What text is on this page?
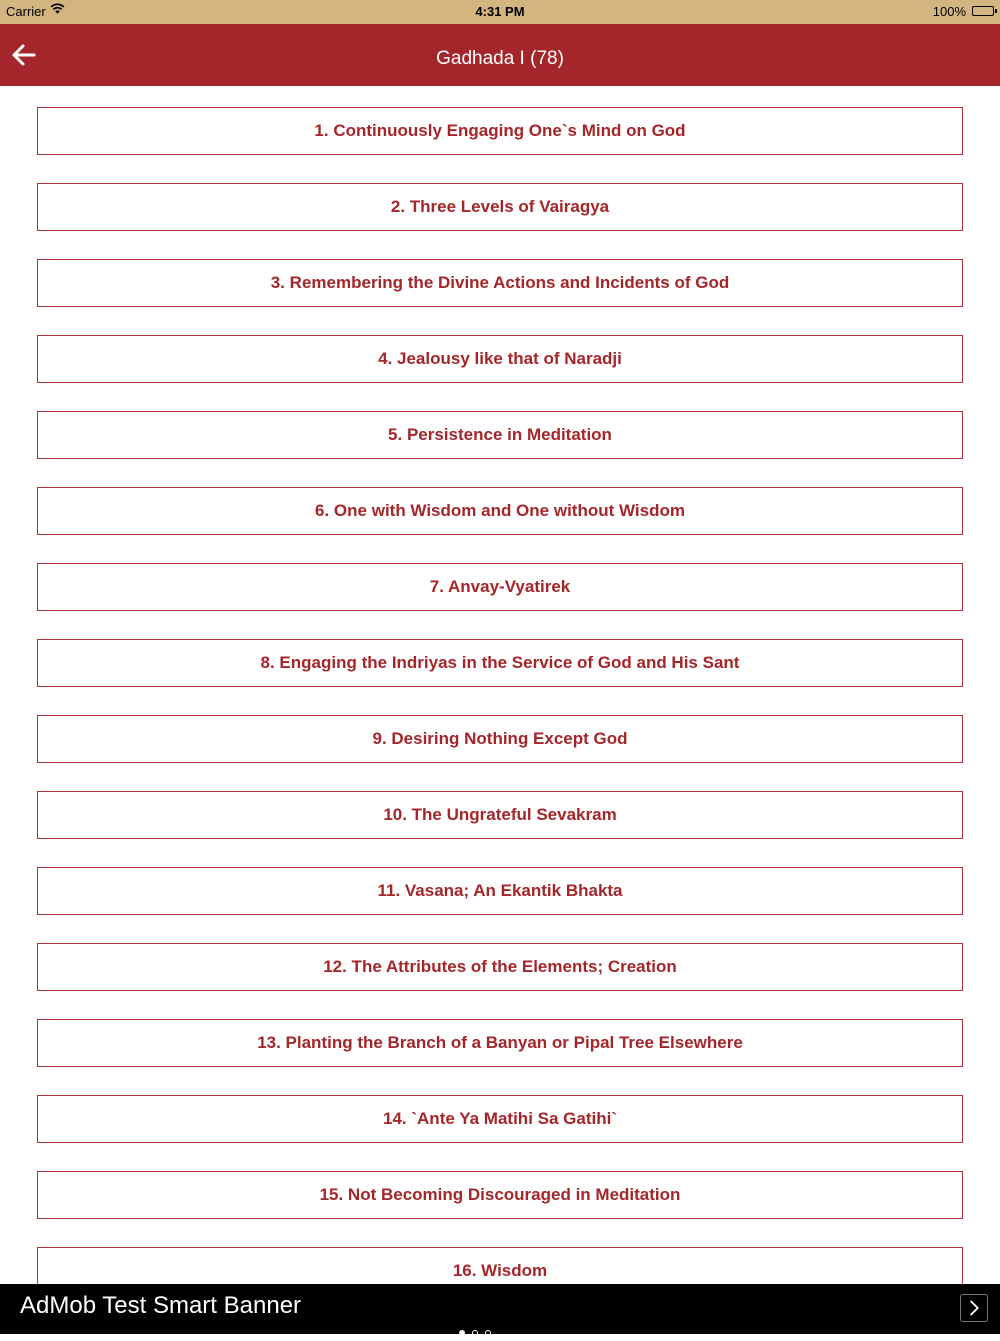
Carrier	4:31 PM	100%
Gadhada I (78)
1. Continuously Engaging One`s Mind on God
2. Three Levels of Vairagya
3. Remembering the Divine Actions and Incidents of God
4. Jealousy like that of Naradji
5. Persistence in Meditation
6. One with Wisdom and One without Wisdom
7. Anvay-Vyatirek
8. Engaging the Indriyas in the Service of God and His Sant
9. Desiring Nothing Except God
10. The Ungrateful Sevakram
11. Vasana; An Ekantik Bhakta
12. The Attributes of the Elements; Creation
13. Planting the Branch of a Banyan or Pipal Tree Elsewhere
14. `Ante Ya Matihi Sa Gatihi`
15. Not Becoming Discouraged in Meditation
16. Wisdom
AdMob Test Smart Banner
